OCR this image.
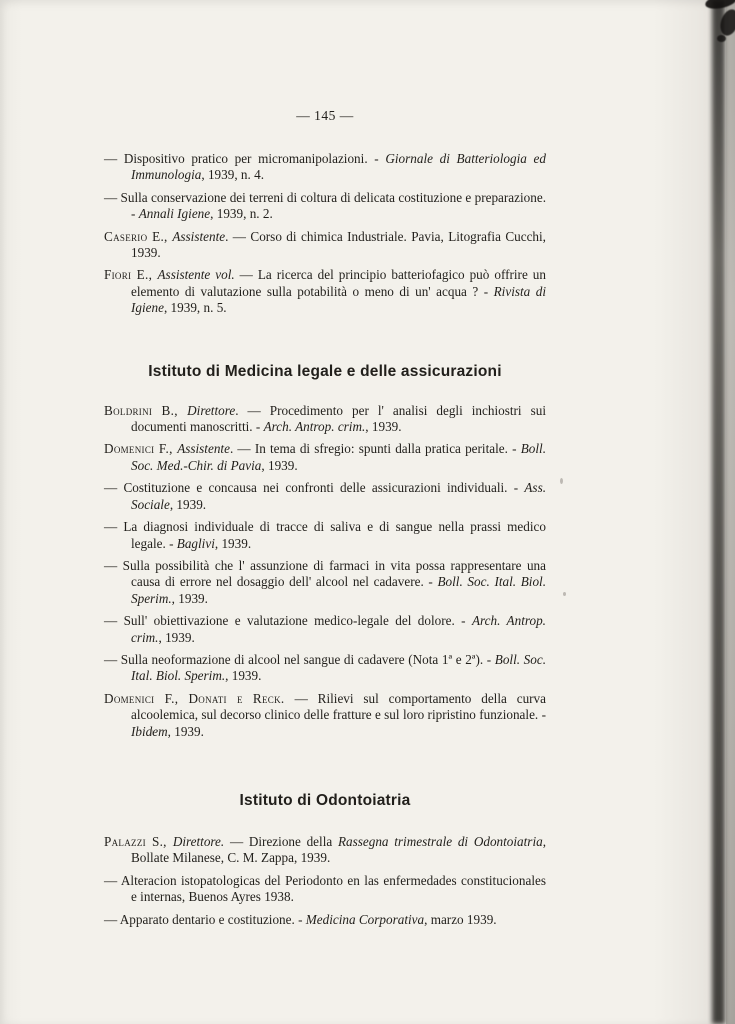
— 145 —

— Dispositivo pratico per micromanipolazioni. - Giornale di Batteriologia ed Immunologia, 1939, n. 4.

— Sulla conservazione dei terreni di coltura di delicata costituzione e preparazione. - Annali Igiene, 1939, n. 2.

Caserio E., Assistente. — Corso di chimica Industriale. Pavia, Litografia Cucchi, 1939.

Fiori E., Assistente vol. — La ricerca del principio batteriofagico può offrire un elemento di valutazione sulla potabilità o meno di un' acqua ? - Rivista di Igiene, 1939, n. 5.

Istituto di Medicina legale e delle assicurazioni

Boldrini B., Direttore. — Procedimento per l' analisi degli inchiostri sui documenti manoscritti. - Arch. Antrop. crim., 1939.

Domenici F., Assistente. — In tema di sfregio: spunti dalla pratica peritale. - Boll. Soc. Med.-Chir. di Pavia, 1939.

— Costituzione e concausa nei confronti delle assicurazioni individuali. - Ass. Sociale, 1939.

— La diagnosi individuale di tracce di saliva e di sangue nella prassi medico legale. - Baglivi, 1939.

— Sulla possibilità che l' assunzione di farmaci in vita possa rappresentare una causa di errore nel dosaggio dell' alcool nel cadavere. - Boll. Soc. Ital. Biol. Sperim., 1939.

— Sull' obiettivazione e valutazione medico-legale del dolore. - Arch. Antrop. crim., 1939.

— Sulla neoformazione di alcool nel sangue di cadavere (Nota 1ª e 2ª). - Boll. Soc. Ital. Biol. Sperim., 1939.

Domenici F., Donati e Reck. — Rilievi sul comportamento della curva alcoolemica, sul decorso clinico delle fratture e sul loro ripristino funzionale. - Ibidem, 1939.

Istituto di Odontoiatria

Palazzi S., Direttore. — Direzione della Rassegna trimestrale di Odontoiatria, Bollate Milanese, C. M. Zappa, 1939.

— Alteracion istopatologicas del Periodonto en las enfermedades constitucionales e internas, Buenos Ayres 1938.

— Apparato dentario e costituzione. - Medicina Corporativa, marzo 1939.
